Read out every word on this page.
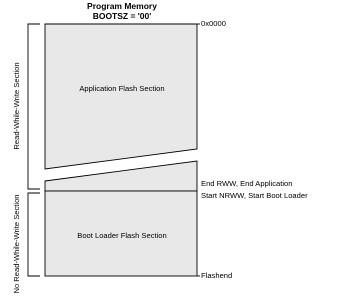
Program Memory
BOOTSZ = '00'
Application Flash Section
Boot Loader Flash Section
0x0000
End RWW, End Application
Start NRWW, Start Boot Loader
Flashend
Read-While-Write Section
No Read-While-Write Section
